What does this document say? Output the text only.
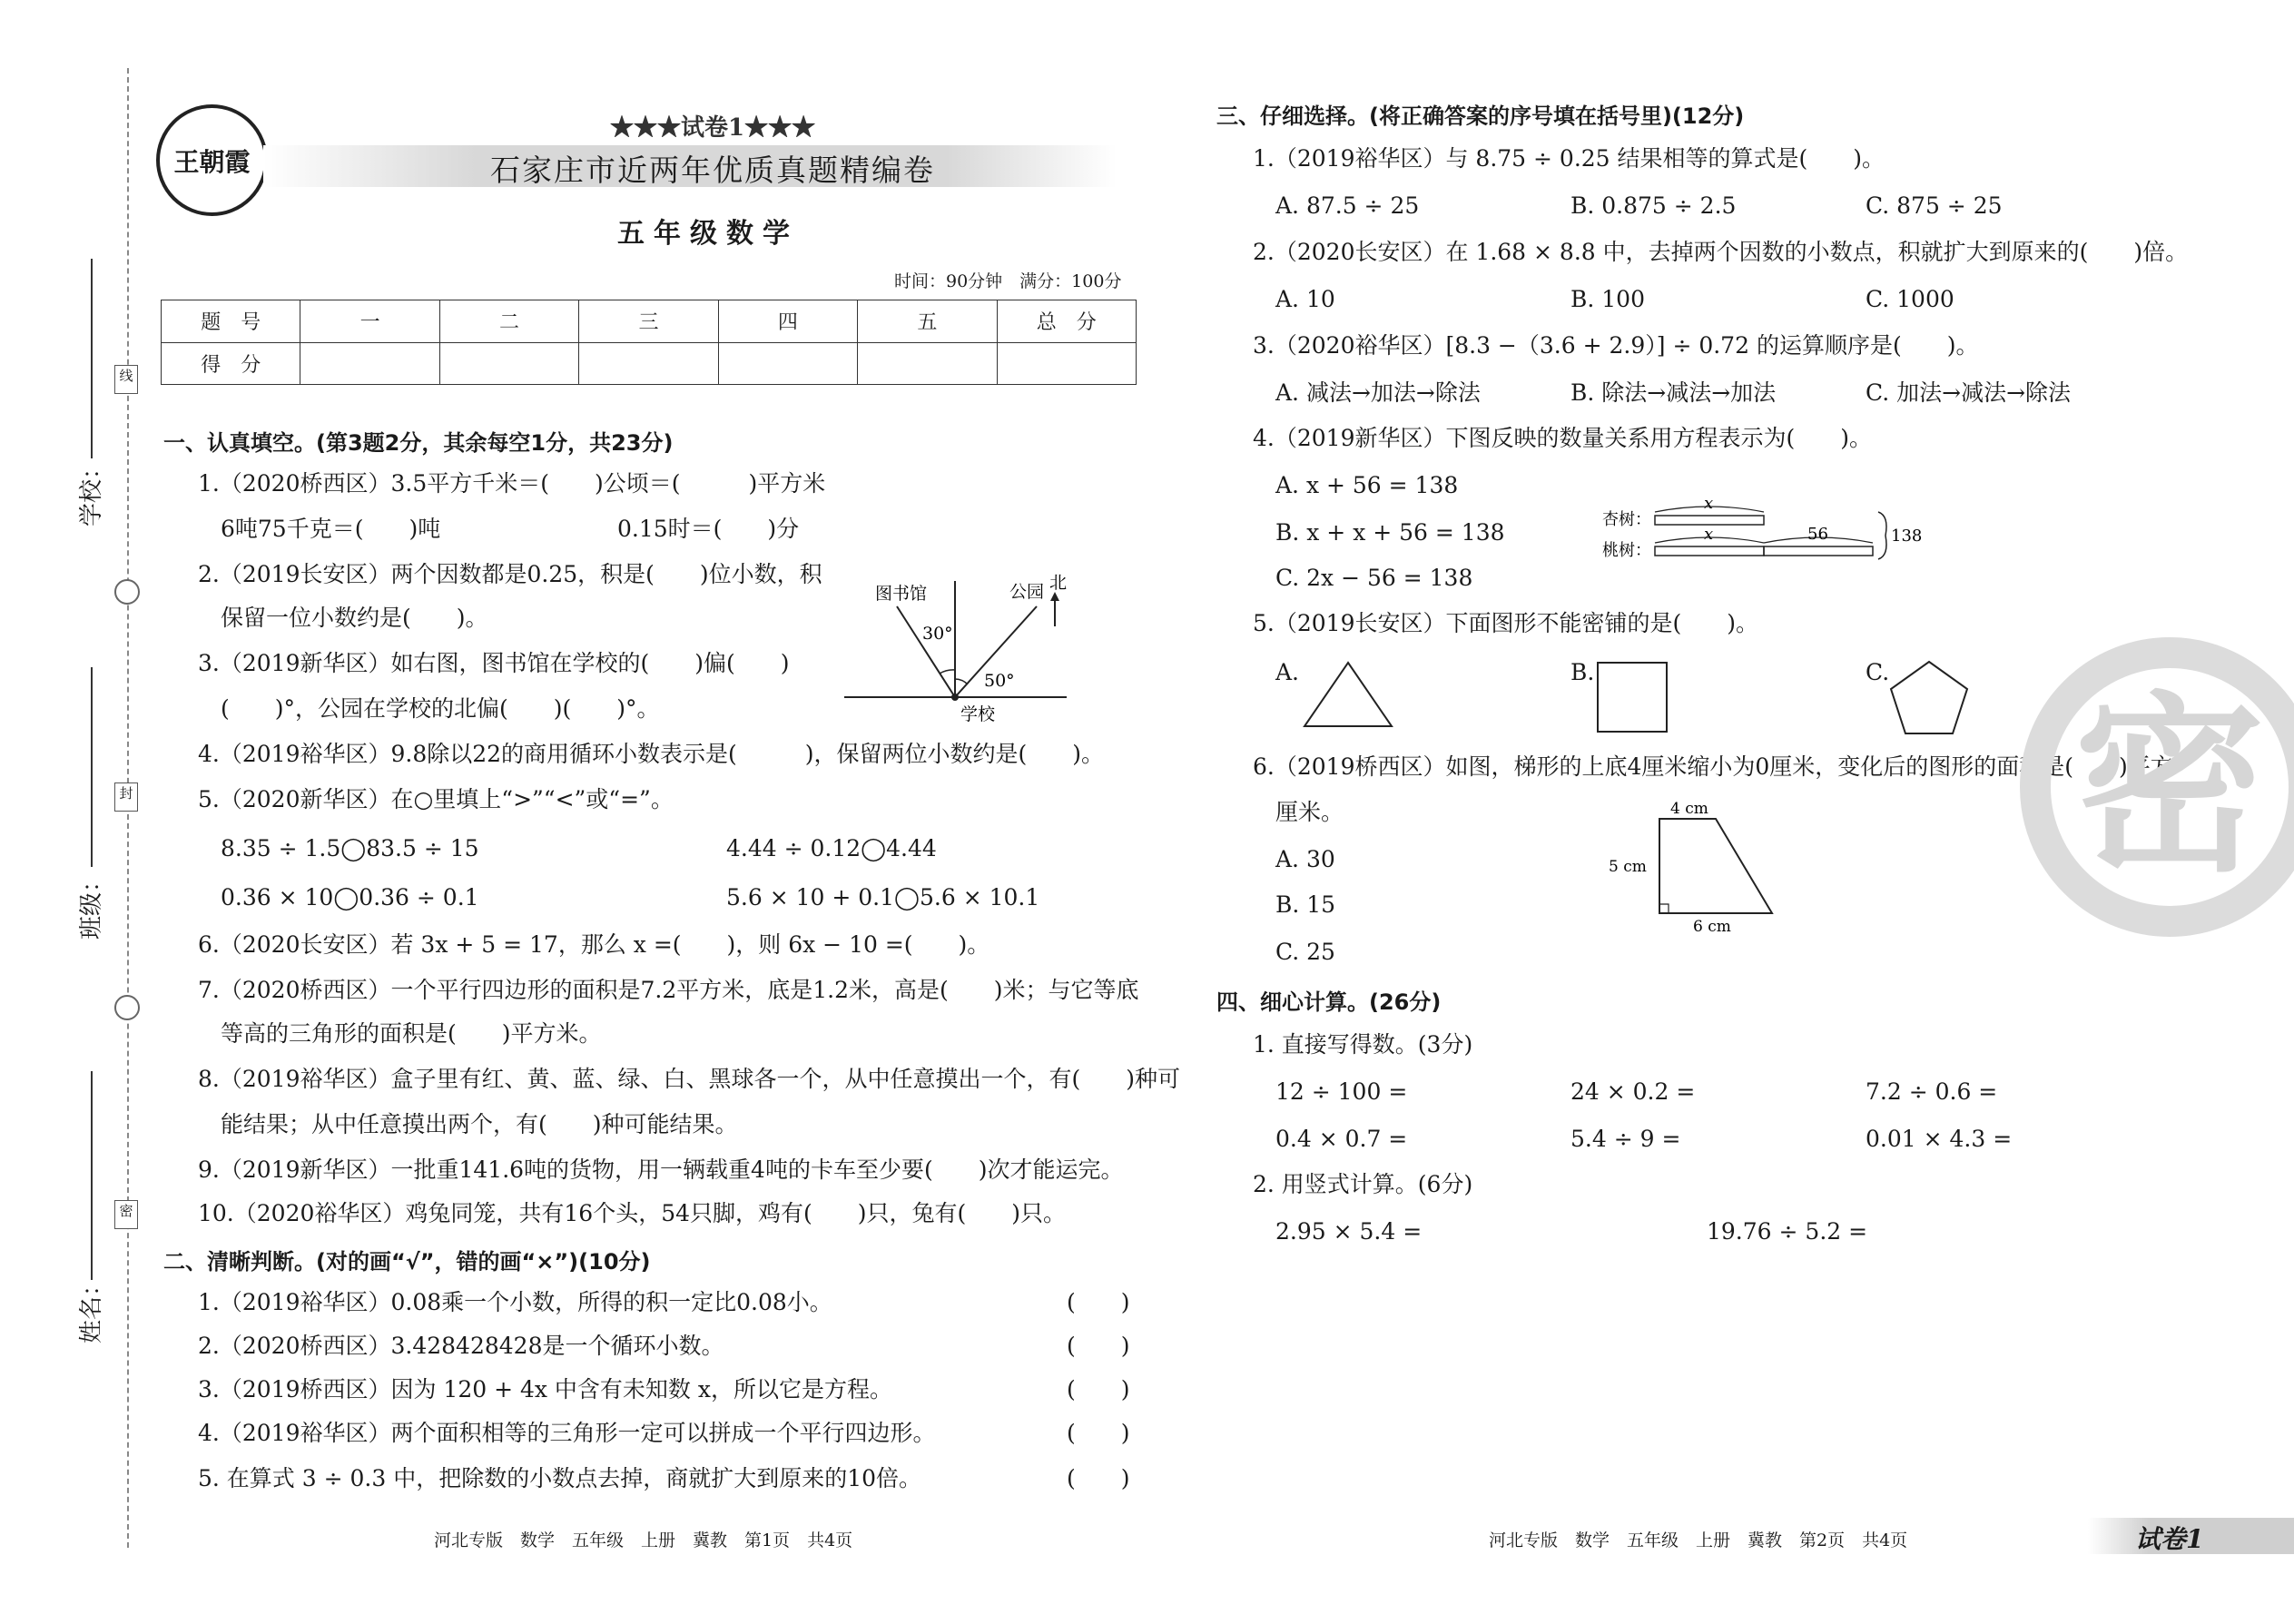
学校：
班级：
姓名：
线
封
密
王朝霞
★★★试卷1★★★
石家庄市近两年优质真题精编卷
五年级数学
时间：90分钟　满分：100分
题　号	一	二	三	四	五	总　分
得　分						
一、认真填空。(第3题2分，其余每空1分，共23分)
1.（2020桥西区）3.5平方千米＝(　　)公顷＝(　　　)平方米
6吨75千克＝(　　)吨	0.15时＝(　　)分
2.（2019长安区）两个因数都是0.25，积是(　　)位小数，积
保留一位小数约是(　　)。
3.（2019新华区）如右图，图书馆在学校的(　　)偏(　　)
(　　)°，公园在学校的北偏(　　)(　　)°。
图书馆	公园 北
学校
30°
50°
4.（2019裕华区）9.8除以22的商用循环小数表示是(　　　)，保留两位小数约是(　　)。
5.（2020新华区）在○里填上“>”“<”或“=”。
8.35 ÷ 1.5◯83.5 ÷ 15	4.44 ÷ 0.12◯4.44
0.36 × 10◯0.36 ÷ 0.1	5.6 × 10 + 0.1◯5.6 × 10.1
6.（2020长安区）若 3x + 5 = 17，那么 x =(　　)，则 6x − 10 =(　　)。
7.（2020桥西区）一个平行四边形的面积是7.2平方米，底是1.2米，高是(　　)米；与它等底
等高的三角形的面积是(　　)平方米。
8.（2019裕华区）盒子里有红、黄、蓝、绿、白、黑球各一个，从中任意摸出一个，有(　　)种可
能结果；从中任意摸出两个，有(　　)种可能结果。
9.（2019新华区）一批重141.6吨的货物，用一辆载重4吨的卡车至少要(　　)次才能运完。
10.（2020裕华区）鸡兔同笼，共有16个头，54只脚，鸡有(　　)只，兔有(　　)只。
二、清晰判断。(对的画“√”，错的画“×”)(10分)
1.（2019裕华区）0.08乘一个小数，所得的积一定比0.08小。	(　　)
2.（2020桥西区）3.428428428是一个循环小数。	(　　)
3.（2019桥西区）因为 120 + 4x 中含有未知数 x，所以它是方程。	(　　)
4.（2019裕华区）两个面积相等的三角形一定可以拼成一个平行四边形。	(　　)
5. 在算式 3 ÷ 0.3 中，把除数的小数点去掉，商就扩大到原来的10倍。	(　　)
河北专版　数学　五年级　上册　冀教　第1页　共4页
三、仔细选择。(将正确答案的序号填在括号里)(12分)
1.（2019裕华区）与 8.75 ÷ 0.25 结果相等的算式是(　　)。
A. 87.5 ÷ 25	B. 0.875 ÷ 2.5	C. 875 ÷ 25
2.（2020长安区）在 1.68 × 8.8 中，去掉两个因数的小数点，积就扩大到原来的(　　)倍。
A. 10	B. 100	C. 1000
3.（2020裕华区）[8.3 −（3.6 + 2.9）] ÷ 0.72 的运算顺序是(　　)。
A. 减法→加法→除法	B. 除法→减法→加法	C. 加法→减法→除法
4.（2019新华区）下图反映的数量关系用方程表示为(　　)。
A. x + 56 = 138
B. x + x + 56 = 138
C. 2x − 56 = 138
杏树：
桃树：
x
x	56	138
5.（2019长安区）下面图形不能密铺的是(　　)。
A.	B.	C.
6.（2019桥西区）如图，梯形的上底4厘米缩小为0厘米，变化后的图形的面积是(　　)平方
厘米。
A. 30
B. 15
C. 25
4 cm
5 cm
6 cm
四、细心计算。(26分)
1. 直接写得数。(3分)
12 ÷ 100 =	24 × 0.2 =	7.2 ÷ 0.6 =
0.4 × 0.7 =	5.4 ÷ 9 =	0.01 × 4.3 =
2. 用竖式计算。(6分)
2.95 × 5.4 =	19.76 ÷ 5.2 =
密
河北专版　数学　五年级　上册　冀教　第2页　共4页	试卷1
